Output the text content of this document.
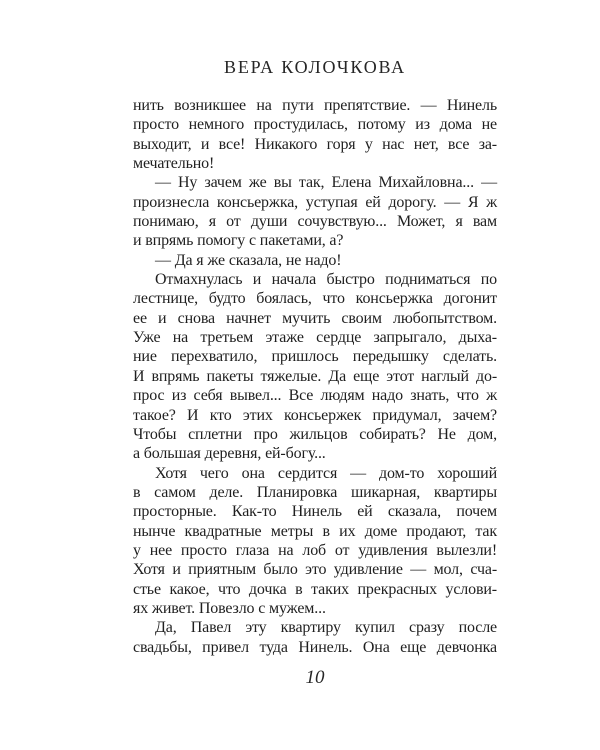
ВЕРА КОЛОЧКОВА
нить возникшее на пути препятствие. — Нинель
просто немного простудилась, потому из дома не
выходит, и все! Никакого горя у нас нет, все за-
мечательно!
— Ну зачем же вы так, Елена Михайловна... —
произнесла консьержка, уступая ей дорогу. — Я ж
понимаю, я от души сочувствую... Может, я вам
и впрямь помогу с пакетами, а?
— Да я же сказала, не надо!
Отмахнулась и начала быстро подниматься по
лестнице, будто боялась, что консьержка догонит
ее и снова начнет мучить своим любопытством.
Уже на третьем этаже сердце запрыгало, дыха-
ние перехватило, пришлось передышку сделать.
И впрямь пакеты тяжелые. Да еще этот наглый до-
прос из себя вывел... Все людям надо знать, что ж
такое? И кто этих консьержек придумал, зачем?
Чтобы сплетни про жильцов собирать? Не дом,
а большая деревня, ей-богу...
Хотя чего она сердится — дом-то хороший
в самом деле. Планировка шикарная, квартиры
просторные. Как-то Нинель ей сказала, почем
нынче квадратные метры в их доме продают, так
у нее просто глаза на лоб от удивления вылезли!
Хотя и приятным было это удивление — мол, сча-
стье какое, что дочка в таких прекрасных услови-
ях живет. Повезло с мужем...
Да, Павел эту квартиру купил сразу после
свадьбы, привел туда Нинель. Она еще девчонка
10
